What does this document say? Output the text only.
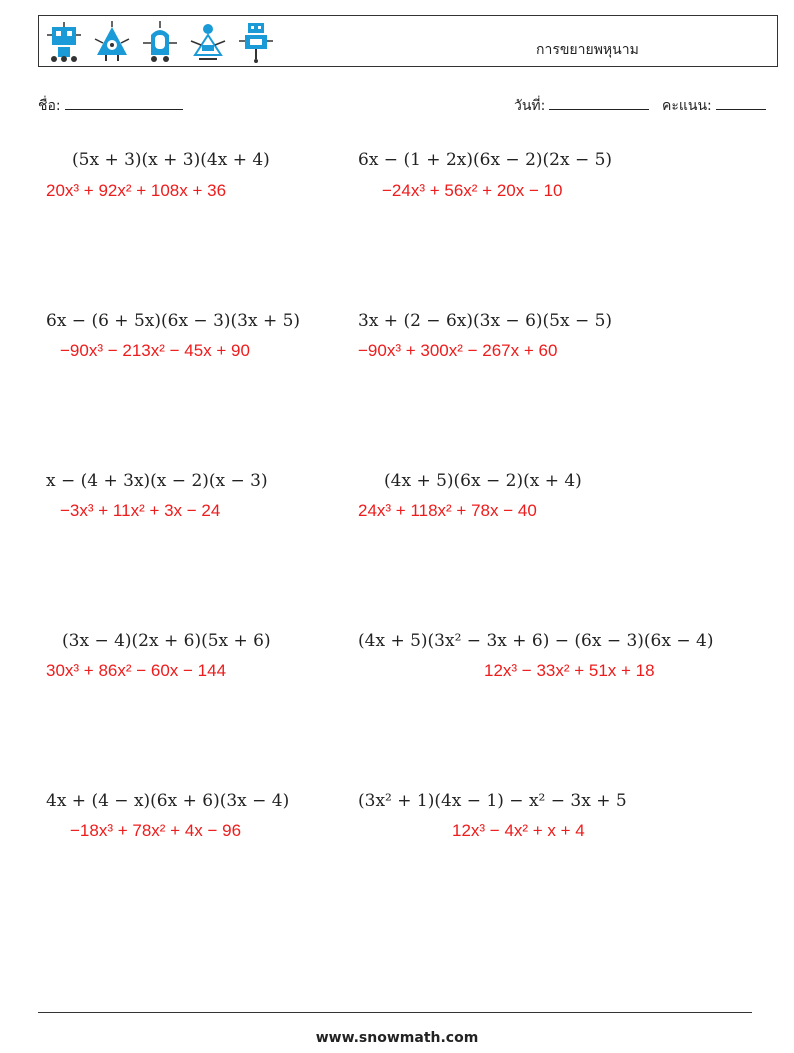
การขยายพหุนาม
ชื่อ:	วันที่:	คะแนน:
(5x + 3)(x + 3)(4x + 4)
20x³ + 92x² + 108x + 36
6x − (1 + 2x)(6x − 2)(2x − 5)
−24x³ + 56x² + 20x − 10
6x − (6 + 5x)(6x − 3)(3x + 5)
−90x³ − 213x² − 45x + 90
3x + (2 − 6x)(3x − 6)(5x − 5)
−90x³ + 300x² − 267x + 60
x − (4 + 3x)(x − 2)(x − 3)
−3x³ + 11x² + 3x − 24
(4x + 5)(6x − 2)(x + 4)
24x³ + 118x² + 78x − 40
(3x − 4)(2x + 6)(5x + 6)
30x³ + 86x² − 60x − 144
(4x + 5)(3x² − 3x + 6) − (6x − 3)(6x − 4)
12x³ − 33x² + 51x + 18
4x + (4 − x)(6x + 6)(3x − 4)
−18x³ + 78x² + 4x − 96
(3x² + 1)(4x − 1) − x² − 3x + 5
12x³ − 4x² + x + 4
www.snowmath.com
